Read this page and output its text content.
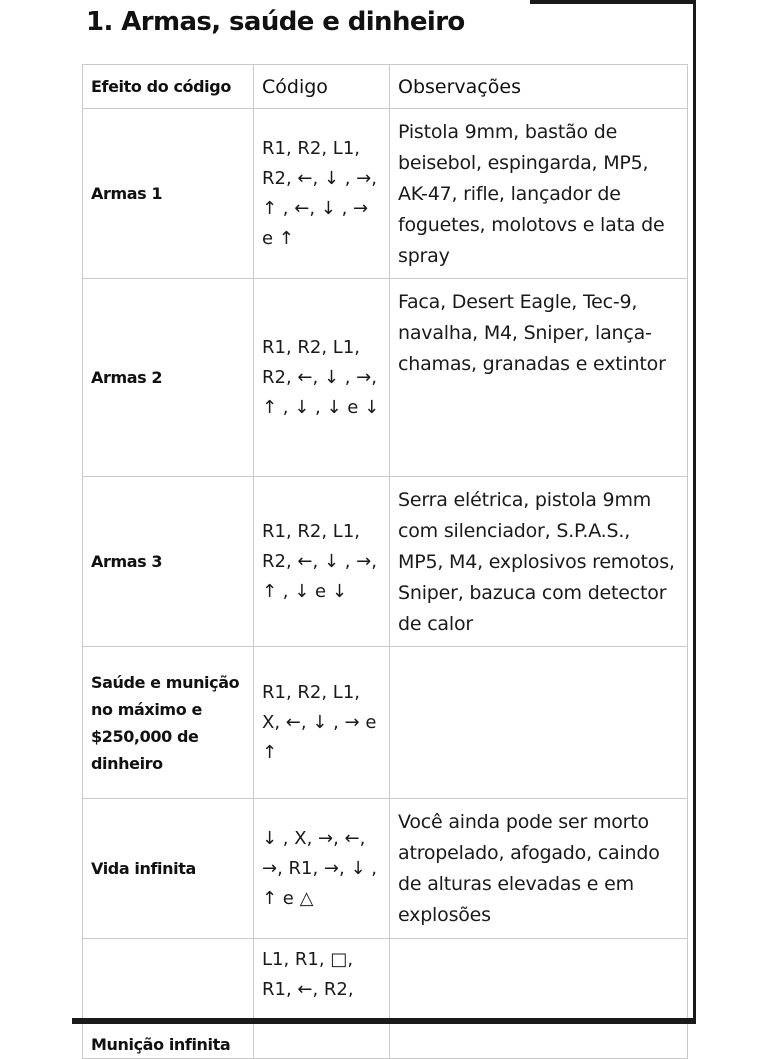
1. Armas, saúde e dinheiro
Efeito do código	Código	Observações
Armas 1	R1, R2, L1, R2, ←, ↓ , →, ↑ , ←, ↓ , → e ↑	Pistola 9mm, bastão de beisebol, espingarda, MP5, AK-47, rifle, lançador de foguetes, molotovs e lata de spray
Armas 2	R1, R2, L1, R2, ←, ↓ , →, ↑ , ↓ , ↓ e ↓	Faca, Desert Eagle, Tec-9, navalha, M4, Sniper, lança-chamas, granadas e extintor
Armas 3	R1, R2, L1, R2, ←, ↓ , →, ↑ , ↓ e ↓	Serra elétrica, pistola 9mm com silenciador, S.P.A.S., MP5, M4, explosivos remotos, Sniper, bazuca com detector de calor
Saúde e munição no máximo e $250,000 de dinheiro	R1, R2, L1, X, ←, ↓ , → e ↑	
Vida infinita	↓ , X, →, ←, →, R1, →, ↓ , ↑ e △	Você ainda pode ser morto atropelado, afogado, caindo de alturas elevadas e em explosões
Munição infinita	L1, R1, □, R1, ←, R2,	
